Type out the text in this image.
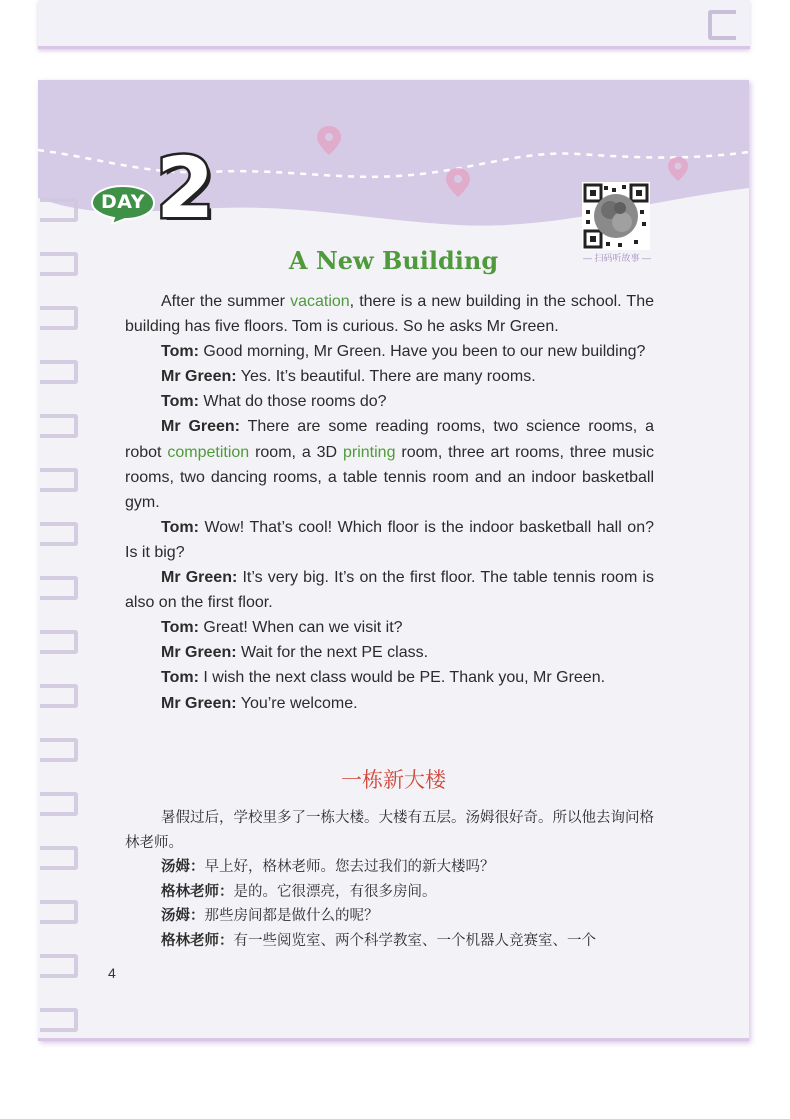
DAY 2
— 扫码听故事 —
A New Building

After the summer vacation, there is a new building in the school. The building has five floors. Tom is curious. So he asks Mr Green.

Tom: Good morning, Mr Green. Have you been to our new building?

Mr Green: Yes. It’s beautiful. There are many rooms.

Tom: What do those rooms do?

Mr Green: There are some reading rooms, two science rooms, a robot competition room, a 3D printing room, three art rooms, three music rooms, two dancing rooms, a table tennis room and an indoor basketball gym.

Tom: Wow! That’s cool! Which floor is the indoor basketball hall on? Is it big?

Mr Green: It’s very big. It’s on the first floor. The table tennis room is also on the first floor.

Tom: Great! When can we visit it?

Mr Green: Wait for the next PE class.

Tom: I wish the next class would be PE. Thank you, Mr Green.

Mr Green: You’re welcome.

一栋新大楼

暑假过后，学校里多了一栋大楼。大楼有五层。汤姆很好奇。所以他去询问格林老师。

汤姆：早上好，格林老师。您去过我们的新大楼吗？

格林老师：是的。它很漂亮，有很多房间。

汤姆：那些房间都是做什么的呢？

格林老师：有一些阅览室、两个科学教室、一个机器人竞赛室、一个

4
